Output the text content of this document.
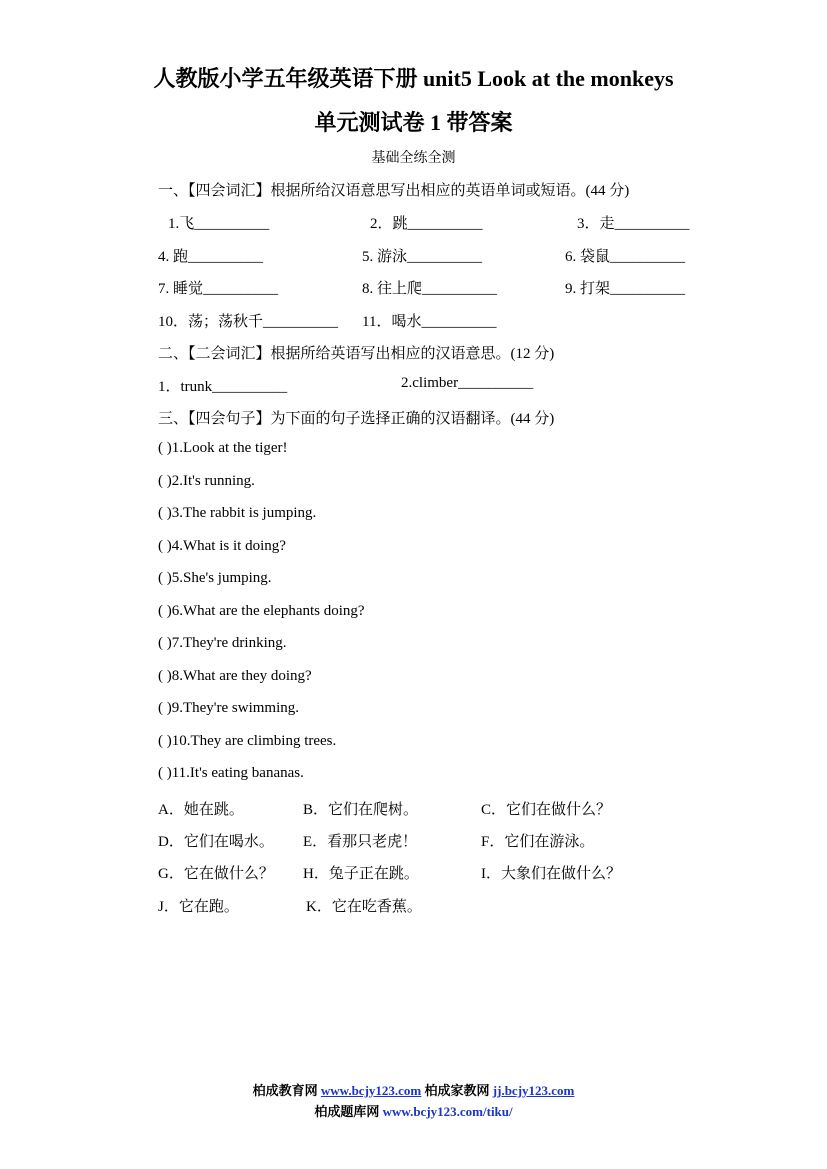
人教版小学五年级英语下册 unit5 Look at the monkeys
单元测试卷 1 带答案
基础全练全测
一、【四会词汇】根据所给汉语意思写出相应的英语单词或短语。(44 分)
1.飞__________	2．跳__________	3．走__________
4. 跑__________	5. 游泳__________	6. 袋鼠__________
7. 睡觉__________	8. 往上爬__________	9. 打架__________
10．荡；荡秋千__________ 11．喝水__________
二、【二会词汇】根据所给英语写出相应的汉语意思。(12 分)
1．trunk__________	2.climber__________
三、【四会句子】为下面的句子选择正确的汉语翻译。(44 分)
( )1.Look at the tiger!
( )2.It's running.
( )3.The rabbit is jumping.
( )4.What is it doing?
( )5.She's jumping.
( )6.What are the elephants doing?
( )7.They're drinking.
( )8.What are they doing?
( )9.They're swimming.
( )10.They are climbing trees.
( )11.It's eating bananas.
A．她在跳。	B．它们在爬树。	C．它们在做什么？
D．它们在喝水。 E．看那只老虎！	F．它们在游泳。
G．它在做什么？ H．兔子正在跳。	I．大象们在做什么？
J．它在跑。	K．它在吃香蕉。
柏成教育网 www.bcjy123.com 柏成家教网 jj.bcjy123.com
柏成题库网 www.bcjy123.com/tiku/
